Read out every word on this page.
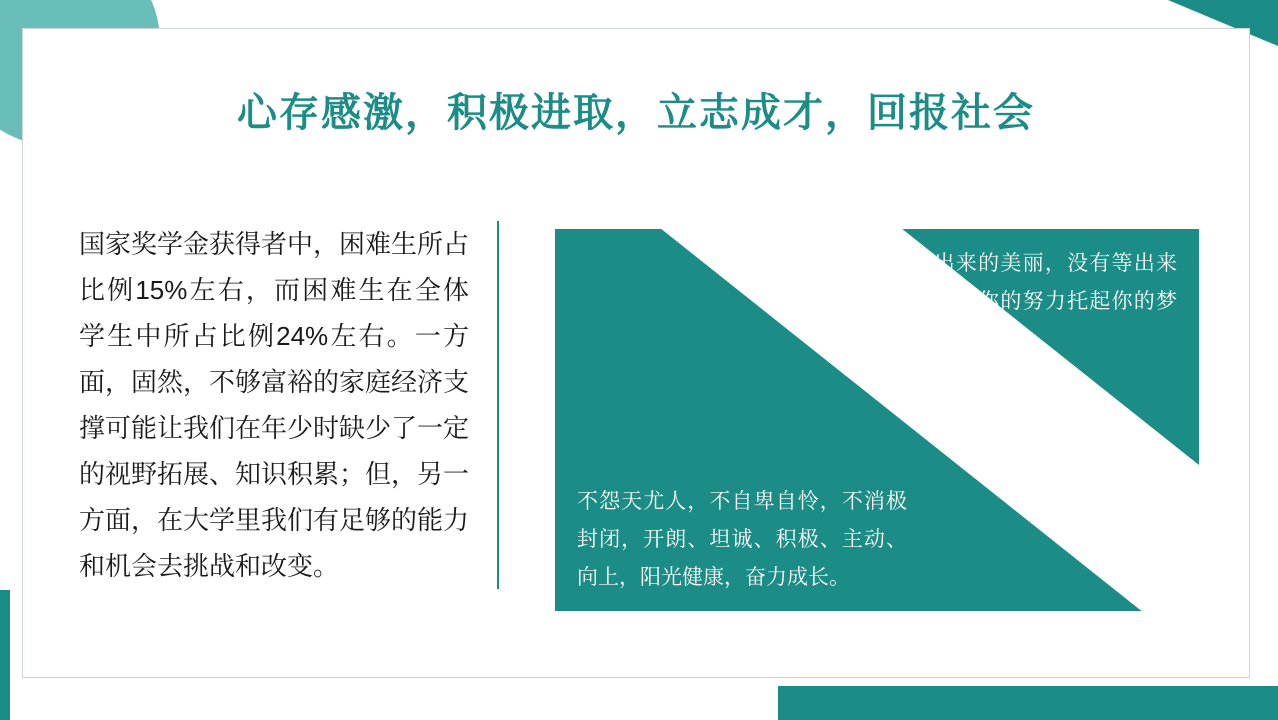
心存感激，积极进取，立志成才，回报社会
国家奖学金获得者中，困难生所占比例15%左右，而困难生在全体学生中所占比例24%左右。一方面，固然，不够富裕的家庭经济支撑可能让我们在年少时缺少了一定的视野拓展、知识积累；但，另一方面，在大学里我们有足够的能力和机会去挑战和改变。
只有拼出来的美丽，没有等出来的辉煌。用你的努力托起你的梦想！
不怨天尤人，不自卑自怜，不消极封闭，开朗、坦诚、积极、主动、向上，阳光健康，奋力成长。
